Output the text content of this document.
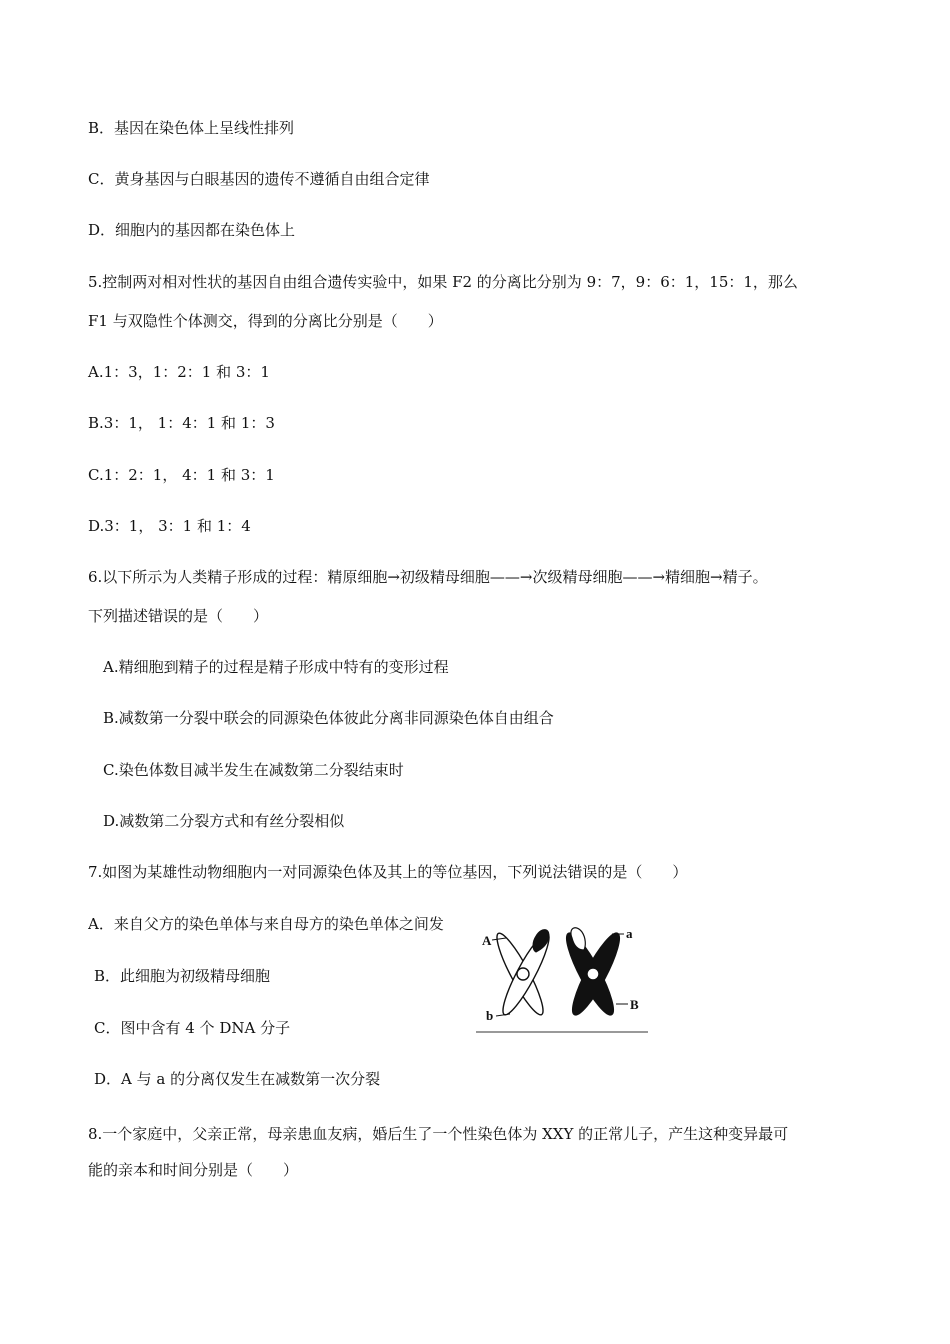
B．基因在染色体上呈线性排列
C．黄身基因与白眼基因的遗传不遵循自由组合定律
D．细胞内的基因都在染色体上
5.控制两对相对性状的基因自由组合遗传实验中，如果 F2 的分离比分别为 9：7，9：6：1，15：1，那么
F1 与双隐性个体测交，得到的分离比分别是（　　）
A.1：3，1：2：1 和 3：1
B.3：1， 1：4：1 和 1：3
C.1：2：1， 4：1 和 3：1
D.3：1， 3：1 和 1：4
6.以下所示为人类精子形成的过程：精原细胞→初级精母细胞——→次级精母细胞——→精细胞→精子。
下列描述错误的是（　　）
A.精细胞到精子的过程是精子形成中特有的变形过程
B.减数第一分裂中联会的同源染色体彼此分离非同源染色体自由组合
C.染色体数目减半发生在减数第二分裂结束时
D.减数第二分裂方式和有丝分裂相似
7.如图为某雄性动物细胞内一对同源染色体及其上的等位基因，下列说法错误的是（　　）
A．来自父方的染色单体与来自母方的染色单体之间发
B．此细胞为初级精母细胞
C．图中含有 4 个 DNA 分子
D．A 与 a 的分离仅发生在减数第一次分裂
A
b
a
B
8.一个家庭中，父亲正常，母亲患血友病，婚后生了一个性染色体为 XXY 的正常儿子，产生这种变异最可
能的亲本和时间分别是（　　）
